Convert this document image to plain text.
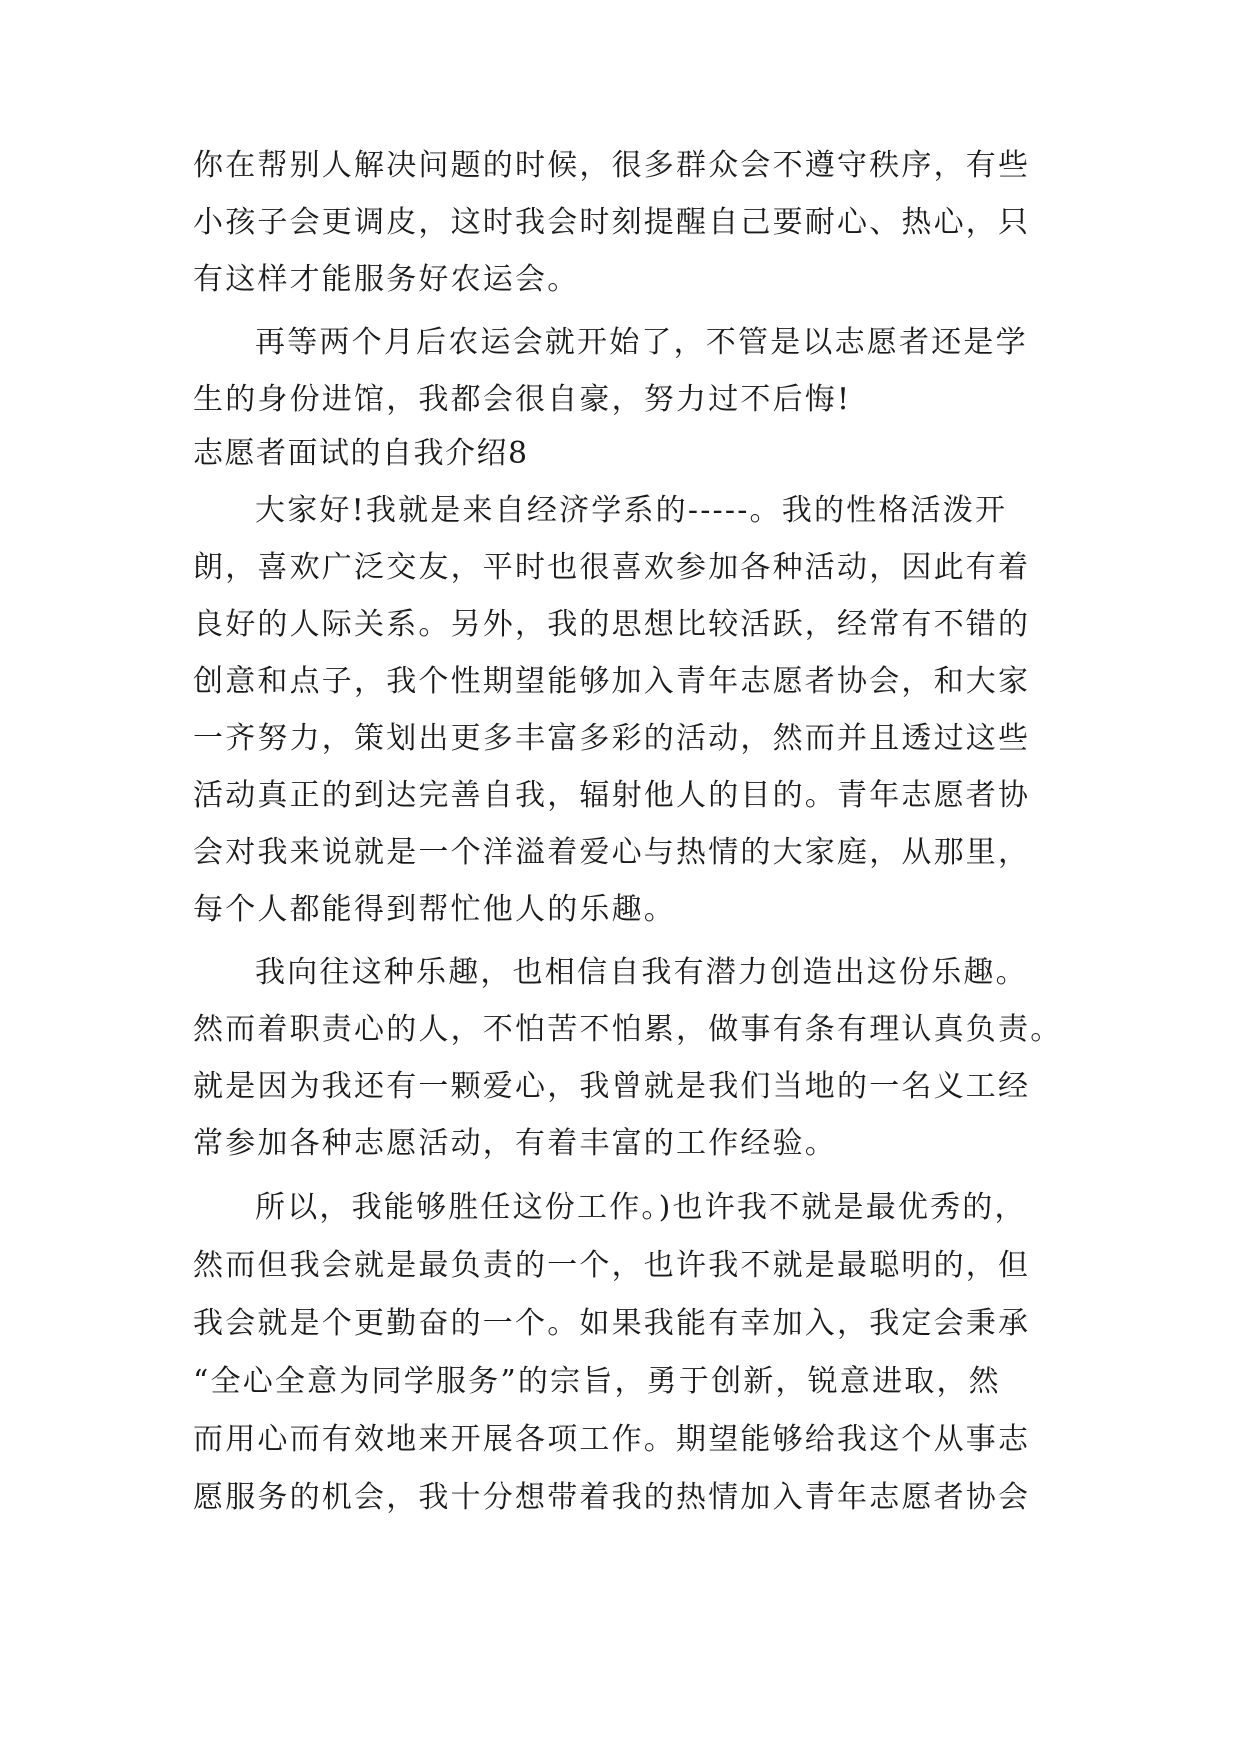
你在帮别人解决问题的时候，很多群众会不遵守秩序，有些
小孩子会更调皮，这时我会时刻提醒自己要耐心、热心，只
有这样才能服务好农运会。
再等两个月后农运会就开始了，不管是以志愿者还是学
生的身份进馆，我都会很自豪，努力过不后悔!
志愿者面试的自我介绍8
大家好!我就是来自经济学系的-----。我的性格活泼开
朗，喜欢广泛交友，平时也很喜欢参加各种活动，因此有着
良好的人际关系。另外，我的思想比较活跃，经常有不错的
创意和点子，我个性期望能够加入青年志愿者协会，和大家
一齐努力，策划出更多丰富多彩的活动，然而并且透过这些
活动真正的到达完善自我，辐射他人的目的。青年志愿者协
会对我来说就是一个洋溢着爱心与热情的大家庭，从那里，
每个人都能得到帮忙他人的乐趣。
我向往这种乐趣，也相信自我有潜力创造出这份乐趣。
然而着职责心的人，不怕苦不怕累，做事有条有理认真负责。
就是因为我还有一颗爱心，我曾就是我们当地的一名义工经
常参加各种志愿活动，有着丰富的工作经验。
所以，我能够胜任这份工作。)也许我不就是最优秀的，
然而但我会就是最负责的一个，也许我不就是最聪明的，但
我会就是个更勤奋的一个。如果我能有幸加入，我定会秉承
“全心全意为同学服务”的宗旨，勇于创新，锐意进取，然
而用心而有效地来开展各项工作。期望能够给我这个从事志
愿服务的机会，我十分想带着我的热情加入青年志愿者协会
